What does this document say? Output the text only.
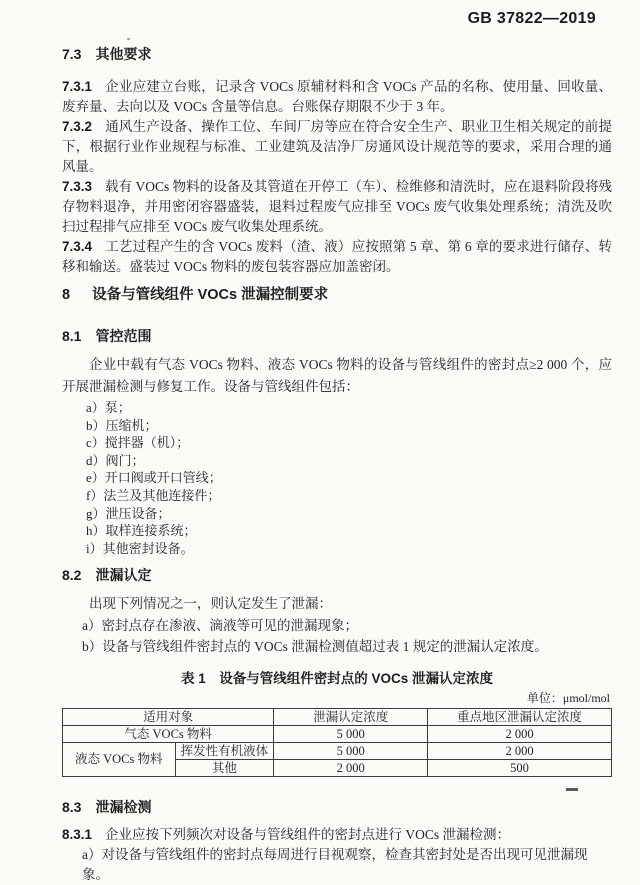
GB 37822—2019
7.3 其他要求

7.3.1 企业应建立台账，记录含 VOCs 原辅材料和含 VOCs 产品的名称、使用量、回收量、废弃量、去向以及 VOCs 含量等信息。台账保存期限不少于 3 年。

7.3.2 通风生产设备、操作工位、车间厂房等应在符合安全生产、职业卫生相关规定的前提下，根据行业作业规程与标准、工业建筑及洁净厂房通风设计规范等的要求，采用合理的通风量。

7.3.3 载有 VOCs 物料的设备及其管道在开停工（车）、检维修和清洗时，应在退料阶段将残存物料退净，并用密闭容器盛装，退料过程废气应排至 VOCs 废气收集处理系统；清洗及吹扫过程排气应排至 VOCs 废气收集处理系统。

7.3.4 工艺过程产生的含 VOCs 废料（渣、液）应按照第 5 章、第 6 章的要求进行储存、转移和输送。盛装过 VOCs 物料的废包装容器应加盖密闭。

8 设备与管线组件 VOCs 泄漏控制要求
8.1 管控范围

企业中载有气态 VOCs 物料、液态 VOCs 物料的设备与管线组件的密封点≥2 000 个，应开展泄漏检测与修复工作。设备与管线组件包括：

a）泵；
b）压缩机；
c）搅拌器（机）；
d）阀门；
e）开口阀或开口管线；
f）法兰及其他连接件；
g）泄压设备；
h）取样连接系统；
i）其他密封设备。
8.2 泄漏认定

出现下列情况之一，则认定发生了泄漏：

a）密封点存在渗液、滴液等可见的泄漏现象；
b）设备与管线组件密封点的 VOCs 泄漏检测值超过表 1 规定的泄漏认定浓度。
表 1　设备与管线组件密封点的 VOCs 泄漏认定浓度
单位：μmol/mol
适用对象		泄漏认定浓度	重点地区泄漏认定浓度
气态 VOCs 物料		5 000	2 000
液态 VOCs 物料	挥发性有机液体	5 000	2 000
	其他	2 000	500
8.3 泄漏检测

8.3.1 企业应按下列频次对设备与管线组件的密封点进行 VOCs 泄漏检测：

a）对设备与管线组件的密封点每周进行目视观察，检查其密封处是否出现可见泄漏现象。
